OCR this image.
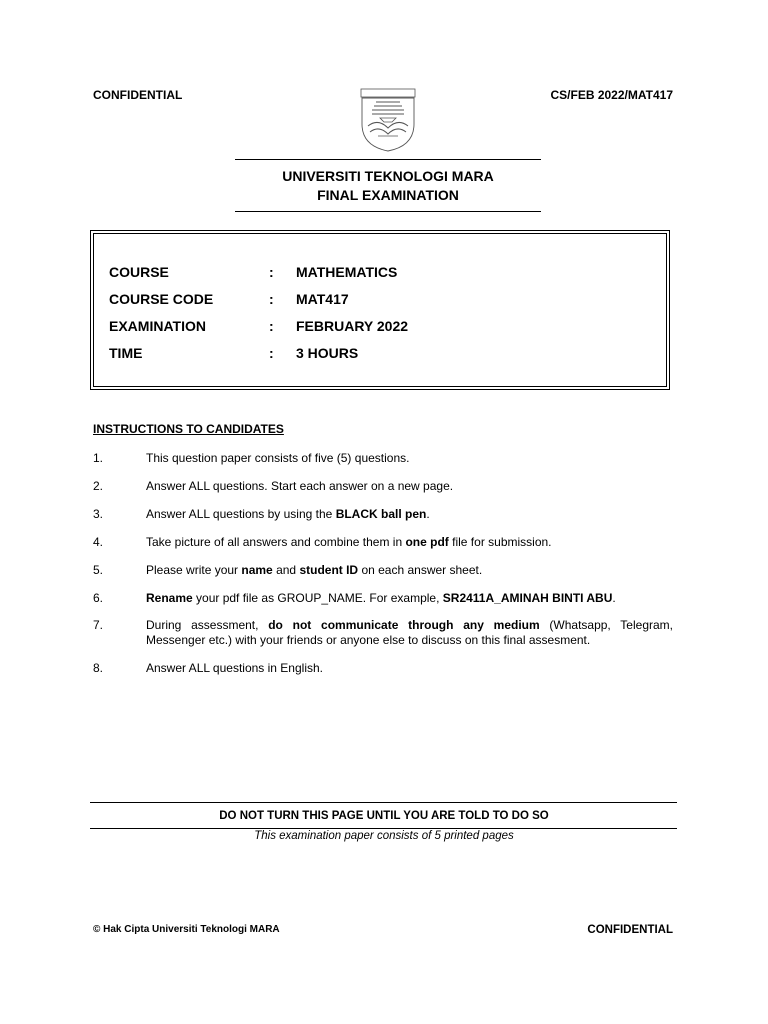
CONFIDENTIAL	CS/FEB 2022/MAT417
UNIVERSITI TEKNOLOGI MARA
FINAL EXAMINATION
COURSE	: MATHEMATICS
COURSE CODE	: MAT417
EXAMINATION	: FEBRUARY 2022
TIME	: 3 HOURS
INSTRUCTIONS TO CANDIDATES
1.	This question paper consists of five (5) questions.
2.	Answer ALL questions. Start each answer on a new page.
3.	Answer ALL questions by using the BLACK ball pen.
4.	Take picture of all answers and combine them in one pdf file for submission.
5.	Please write your name and student ID on each answer sheet.
6.	Rename your pdf file as GROUP_NAME. For example, SR2411A_AMINAH BINTI ABU.
7.	During assessment, do not communicate through any medium (Whatsapp, Telegram, Messenger etc.) with your friends or anyone else to discuss on this final assesment.
8.	Answer ALL questions in English.
DO NOT TURN THIS PAGE UNTIL YOU ARE TOLD TO DO SO
This examination paper consists of 5 printed pages
© Hak Cipta Universiti Teknologi MARA	CONFIDENTIAL
